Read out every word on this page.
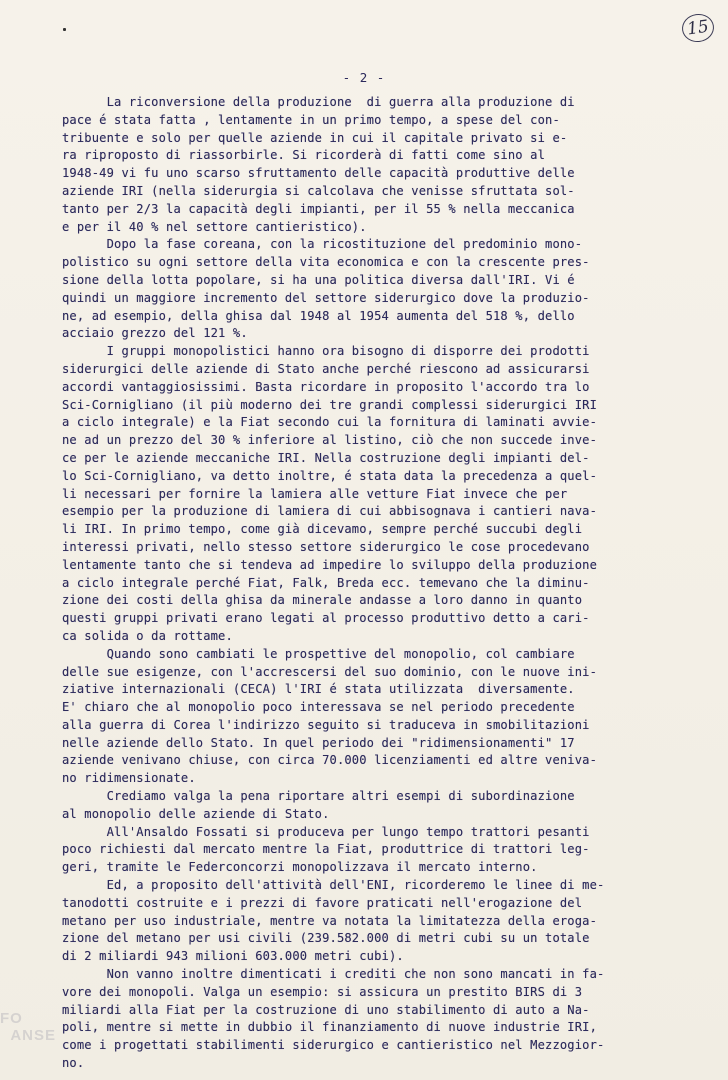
15
- 2 -
La riconversione della produzione  di guerra alla produzione di
pace é stata fatta , lentamente in un primo tempo, a spese del con-
tribuente e solo per quelle aziende in cui il capitale privato si e-
ra riproposto di riassorbirle. Si ricorderà di fatti come sino al
1948-49 vi fu uno scarso sfruttamento delle capacità produttive delle
aziende IRI (nella siderurgia si calcolava che venisse sfruttata sol-
tanto per 2/3 la capacità degli impianti, per il 55 % nella meccanica
e per il 40 % nel settore cantieristico).
Dopo la fase coreana, con la ricostituzione del predominio mono-
polistico su ogni settore della vita economica e con la crescente pres-
sione della lotta popolare, si ha una politica diversa dall'IRI. Vi é
quindi un maggiore incremento del settore siderurgico dove la produzio-
ne, ad esempio, della ghisa dal 1948 al 1954 aumenta del 518 %, dello
acciaio grezzo del 121 %.
I gruppi monopolistici hanno ora bisogno di disporre dei prodotti
siderurgici delle aziende di Stato anche perché riescono ad assicurarsi
accordi vantaggiosissimi. Basta ricordare in proposito l'accordo tra lo
Sci-Cornigliano (il più moderno dei tre grandi complessi siderurgici IRI
a ciclo integrale) e la Fiat secondo cui la fornitura di laminati avvie-
ne ad un prezzo del 30 % inferiore al listino, ciò che non succede inve-
ce per le aziende meccaniche IRI. Nella costruzione degli impianti del-
lo Sci-Cornigliano, va detto inoltre, é stata data la precedenza a quel-
li necessari per fornire la lamiera alle vetture Fiat invece che per
esempio per la produzione di lamiera di cui abbisognava i cantieri nava-
li IRI. In primo tempo, come già dicevamo, sempre perché succubi degli
interessi privati, nello stesso settore siderurgico le cose procedevano
lentamente tanto che si tendeva ad impedire lo sviluppo della produzione
a ciclo integrale perché Fiat, Falk, Breda ecc. temevano che la diminu-
zione dei costi della ghisa da minerale andasse a loro danno in quanto
questi gruppi privati erano legati al processo produttivo detto a cari-
ca solida o da rottame.
Quando sono cambiati le prospettive del monopolio, col cambiare
delle sue esigenze, con l'accrescersi del suo dominio, con le nuove ini-
ziative internazionali (CECA) l'IRI é stata utilizzata  diversamente.
E' chiaro che al monopolio poco interessava se nel periodo precedente
alla guerra di Corea l'indirizzo seguito si traduceva in smobilitazioni
nelle aziende dello Stato. In quel periodo dei "ridimensionamenti" 17
aziende venivano chiuse, con circa 70.000 licenziamenti ed altre veniva-
no ridimensionate.
Crediamo valga la pena riportare altri esempi di subordinazione
al monopolio delle aziende di Stato.
All'Ansaldo Fossati si produceva per lungo tempo trattori pesanti
poco richiesti dal mercato mentre la Fiat, produttrice di trattori leg-
geri, tramite le Federconcorzi monopolizzava il mercato interno.
Ed, a proposito dell'attività dell'ENI, ricorderemo le linee di me-
tanodotti costruite e i prezzi di favore praticati nell'erogazione del
metano per uso industriale, mentre va notata la limitatezza della eroga-
zione del metano per usi civili (239.582.000 di metri cubi su un totale
di 2 miliardi 943 milioni 603.000 metri cubi).
Non vanno inoltre dimenticati i crediti che non sono mancati in fa-
vore dei monopoli. Valga un esempio: si assicura un prestito BIRS di 3
miliardi alla Fiat per la costruzione di uno stabilimento di auto a Na-
poli, mentre si mette in dubbio il finanziamento di nuove industrie IRI,
come i progettati stabilimenti siderurgico e cantieristico nel Mezzogior-
no.
FO
ANSE
